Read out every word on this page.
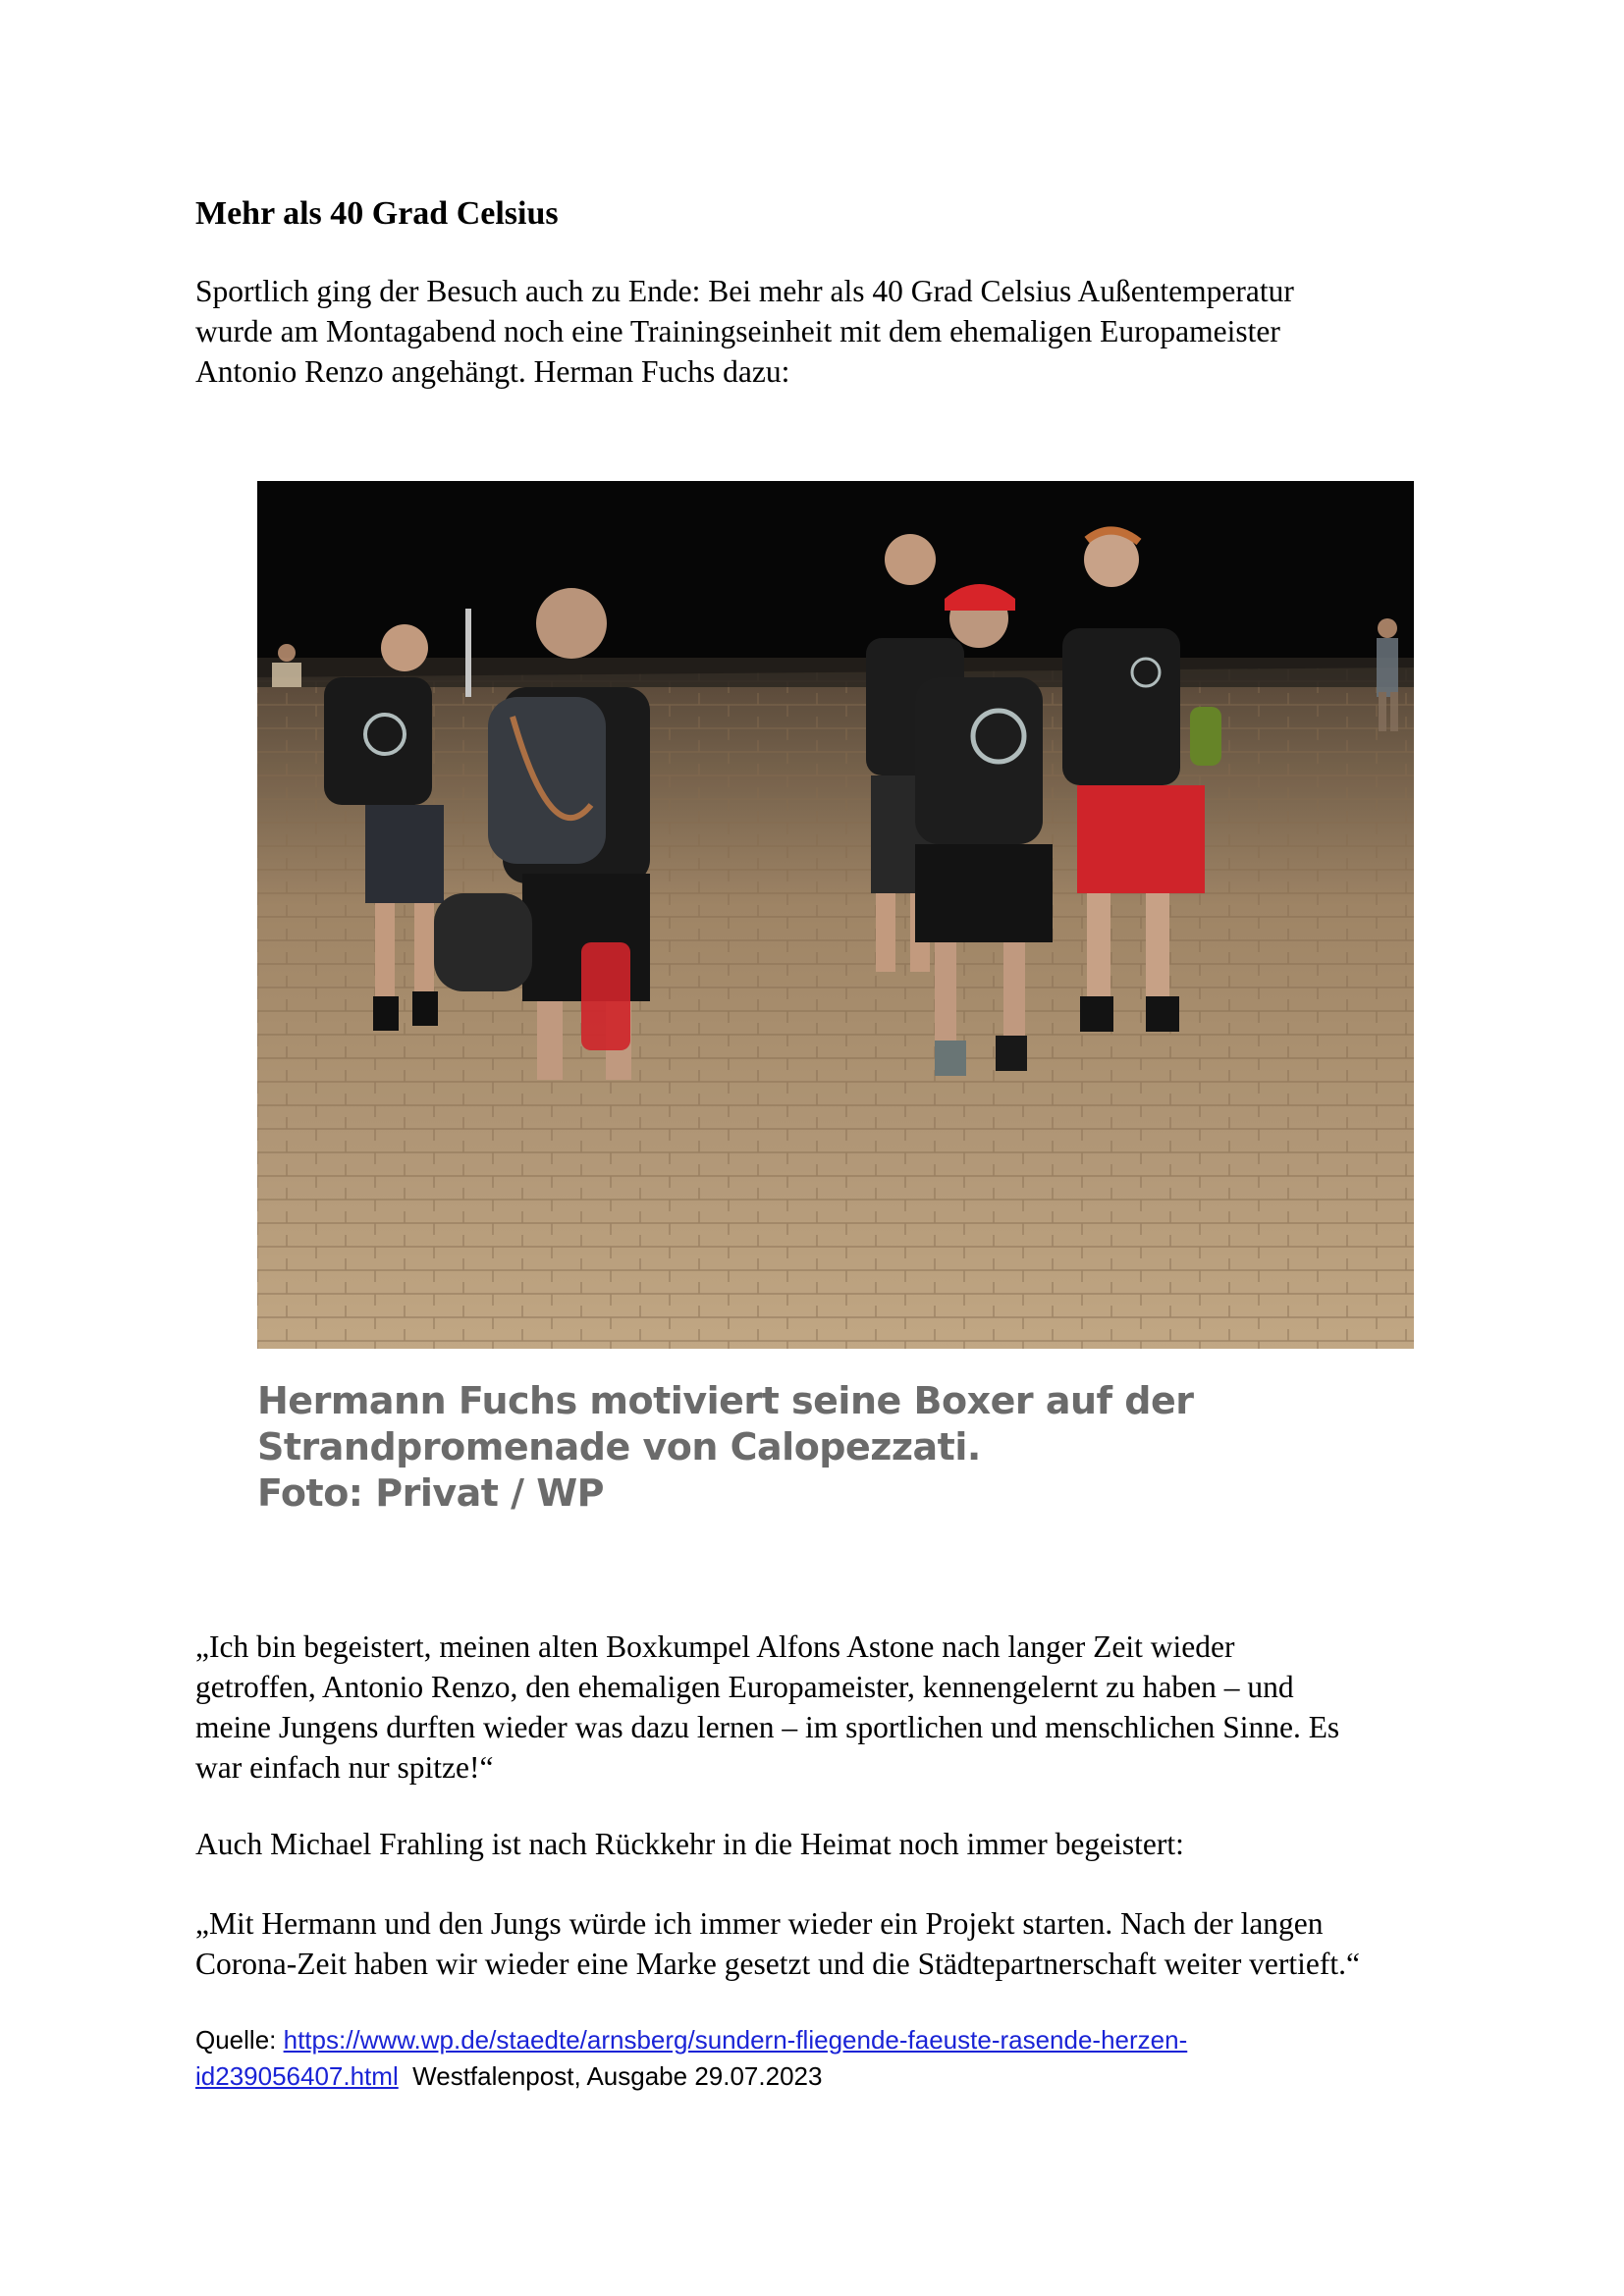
Mehr als 40 Grad Celsius

Sportlich ging der Besuch auch zu Ende: Bei mehr als 40 Grad Celsius Außentemperatur
wurde am Montagabend noch eine Trainingseinheit mit dem ehemaligen Europameister
Antonio Renzo angehängt. Herman Fuchs dazu:

Hermann Fuchs motiviert seine Boxer auf der
Strandpromenade von Calopezzati.
Foto: Privat / WP

„Ich bin begeistert, meinen alten Boxkumpel Alfons Astone nach langer Zeit wieder
getroffen, Antonio Renzo, den ehemaligen Europameister, kennengelernt zu haben – und
meine Jungens durften wieder was dazu lernen – im sportlichen und menschlichen Sinne. Es
war einfach nur spitze!“

Auch Michael Frahling ist nach Rückkehr in die Heimat noch immer begeistert:

„Mit Hermann und den Jungs würde ich immer wieder ein Projekt starten. Nach der langen
Corona-Zeit haben wir wieder eine Marke gesetzt und die Städtepartnerschaft weiter vertieft.“

Quelle: https://www.wp.de/staedte/arnsberg/sundern-fliegende-faeuste-rasende-herzen-
id239056407.html  Westfalenpost, Ausgabe 29.07.2023
